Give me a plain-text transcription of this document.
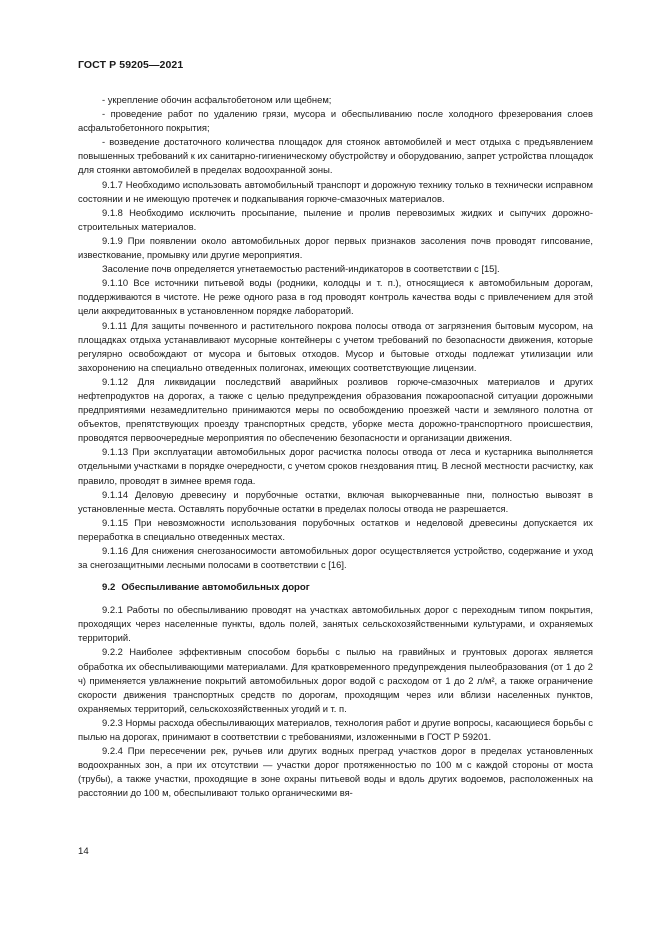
ГОСТ Р 59205—2021

- укрепление обочин асфальтобетоном или щебнем;

- проведение работ по удалению грязи, мусора и обеспыливанию после холодного фрезерования слоев асфальтобетонного покрытия;

- возведение достаточного количества площадок для стоянок автомобилей и мест отдыха с предъявлением повышенных требований к их санитарно-гигиеническому обустройству и оборудованию, запрет устройства площадок для стоянки автомобилей в пределах водоохранной зоны.

9.1.7 Необходимо использовать автомобильный транспорт и дорожную технику только в технически исправном состоянии и не имеющую протечек и подкапывания горюче-смазочных материалов.

9.1.8 Необходимо исключить просыпание, пыление и пролив перевозимых жидких и сыпучих дорожно-строительных материалов.

9.1.9 При появлении около автомобильных дорог первых признаков засоления почв проводят гипсование, известкование, промывку или другие мероприятия.

Засоление почв определяется угнетаемостью растений-индикаторов в соответствии с [15].

9.1.10 Все источники питьевой воды (родники, колодцы и т. п.), относящиеся к автомобильным дорогам, поддерживаются в чистоте. Не реже одного раза в год проводят контроль качества воды с привлечением для этой цели аккредитованных в установленном порядке лабораторий.

9.1.11 Для защиты почвенного и растительного покрова полосы отвода от загрязнения бытовым мусором, на площадках отдыха устанавливают мусорные контейнеры с учетом требований по безопасности движения, которые регулярно освобождают от мусора и бытовых отходов. Мусор и бытовые отходы подлежат утилизации или захоронению на специально отведенных полигонах, имеющих соответствующие лицензии.

9.1.12 Для ликвидации последствий аварийных розливов горюче-смазочных материалов и других нефтепродуктов на дорогах, а также с целью предупреждения образования пожароопасной ситуации дорожными предприятиями незамедлительно принимаются меры по освобождению проезжей части и земляного полотна от объектов, препятствующих проезду транспортных средств, уборке места дорожно-транспортного происшествия, проводятся первоочередные мероприятия по обеспечению безопасности и организации движения.

9.1.13 При эксплуатации автомобильных дорог расчистка полосы отвода от леса и кустарника выполняется отдельными участками в порядке очередности, с учетом сроков гнездования птиц. В лесной местности расчистку, как правило, проводят в зимнее время года.

9.1.14 Деловую древесину и порубочные остатки, включая выкорчеванные пни, полностью вывозят в установленные места. Оставлять порубочные остатки в пределах полосы отвода не разрешается.

9.1.15 При невозможности использования порубочных остатков и неделовой древесины допускается их переработка в специально отведенных местах.

9.1.16 Для снижения снегозаносимости автомобильных дорог осуществляется устройство, содержание и уход за снегозащитными лесными полосами в соответствии с [16].

9.2 Обеспыливание автомобильных дорог

9.2.1 Работы по обеспыливанию проводят на участках автомобильных дорог с переходным типом покрытия, проходящих через населенные пункты, вдоль полей, занятых сельскохозяйственными культурами, и охраняемых территорий.

9.2.2 Наиболее эффективным способом борьбы с пылью на гравийных и грунтовых дорогах является обработка их обеспыливающими материалами. Для кратковременного предупреждения пылеобразования (от 1 до 2 ч) применяется увлажнение покрытий автомобильных дорог водой с расходом от 1 до 2 л/м², а также ограничение скорости движения транспортных средств по дорогам, проходящим через или вблизи населенных пунктов, охраняемых территорий, сельскохозяйственных угодий и т. п.

9.2.3 Нормы расхода обеспыливающих материалов, технология работ и другие вопросы, касающиеся борьбы с пылью на дорогах, принимают в соответствии с требованиями, изложенными в ГОСТ Р 59201.

9.2.4 При пересечении рек, ручьев или других водных преград участков дорог в пределах установленных водоохранных зон, а при их отсутствии — участки дорог протяженностью по 100 м с каждой стороны от моста (трубы), а также участки, проходящие в зоне охраны питьевой воды и вдоль других водоемов, расположенных на расстоянии до 100 м, обеспыливают только органическими вя-

14
